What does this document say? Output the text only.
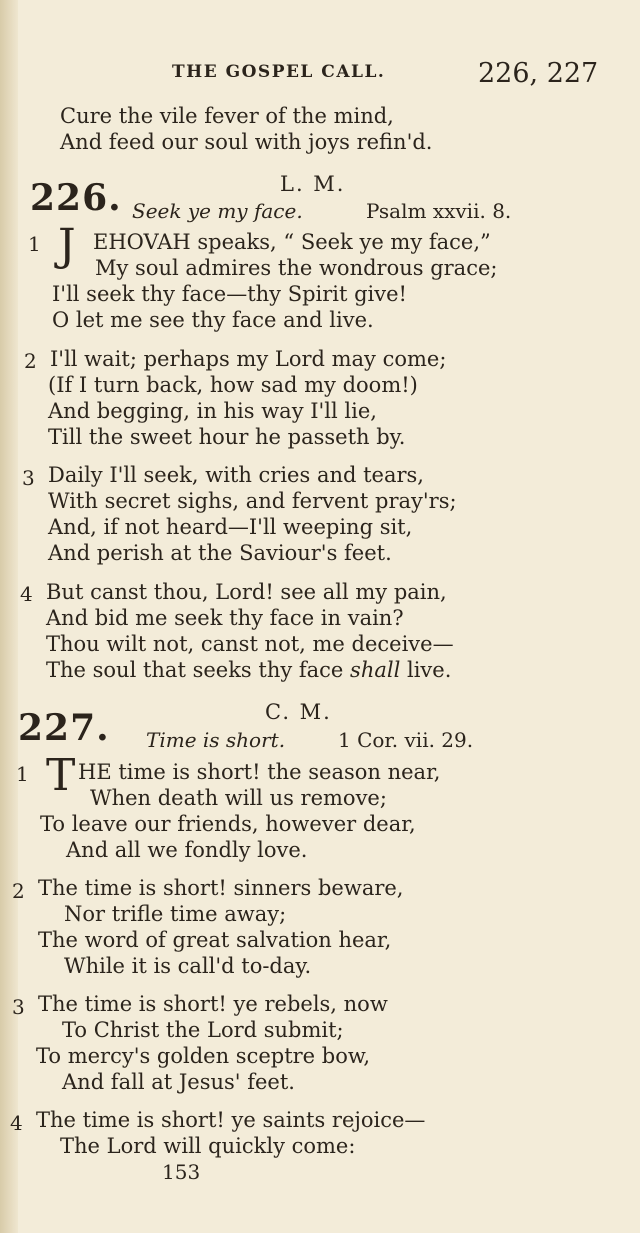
THE GOSPEL CALL.	226, 227
Cure the vile fever of the mind,
And feed our soul with joys refin'd.
226.	L. M.
Seek ye my face.	Psalm xxvii. 8.
1 J EHOVAH speaks, “ Seek ye my face,”
My soul admires the wondrous grace;
I'll seek thy face—thy Spirit give!
O let me see thy face and live.
2 I'll wait; perhaps my Lord may come;
(If I turn back, how sad my doom!)
And begging, in his way I'll lie,
Till the sweet hour he passeth by.
3 Daily I'll seek, with cries and tears,
With secret sighs, and fervent pray'rs;
And, if not heard—I'll weeping sit,
And perish at the Saviour's feet.
4 But canst thou, Lord! see all my pain,
And bid me seek thy face in vain?
Thou wilt not, canst not, me deceive—
The soul that seeks thy face shall live.
227.	C. M.
Time is short.	1 Cor. vii. 29.
1 T HE time is short! the season near,
When death will us remove;
To leave our friends, however dear,
And all we fondly love.
2 The time is short! sinners beware,
Nor trifle time away;
The word of great salvation hear,
While it is call'd to-day.
3 The time is short! ye rebels, now
To Christ the Lord submit;
To mercy's golden sceptre bow,
And fall at Jesus' feet.
4 The time is short! ye saints rejoice—
The Lord will quickly come:
153
